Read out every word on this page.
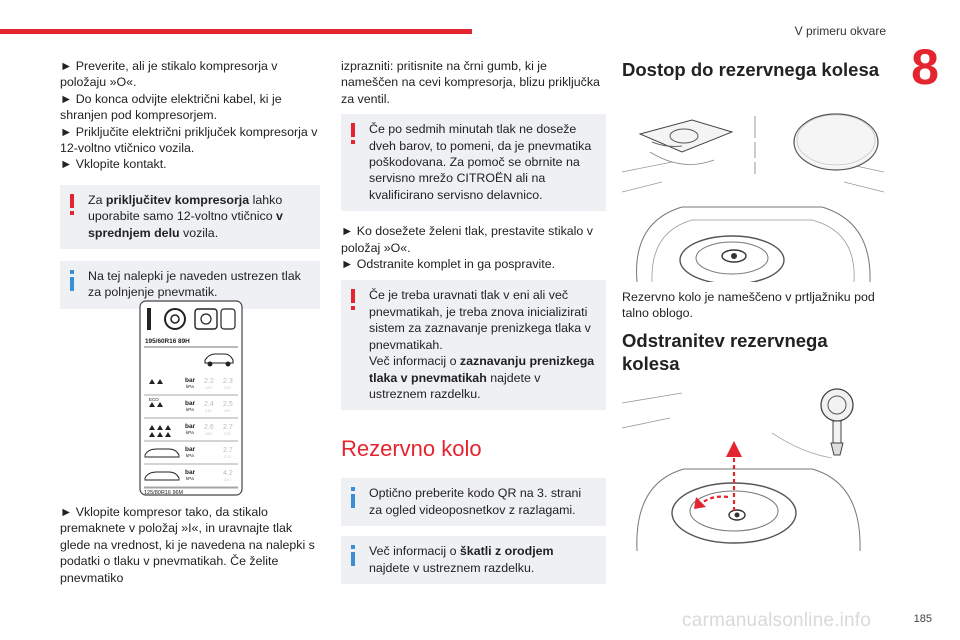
V primeru okvare
8

► Preverite, ali je stikalo kompresorja v položaju »O«.

► Do konca odvijte električni kabel, ki je shranjen pod kompresorjem.

► Priključite električni priključek kompresorja v 12-voltno vtičnico vozila.

► Vklopite kontakt.

Za priključitev kompresorja lahko uporabite samo 12-voltno vtičnico v sprednjem delu vozila.

Na tej nalepki je naveden ustrezen tlak za polnjenje pnevmatik.

► Vklopite kompresor tako, da stikalo premaknete v položaj »I«, in uravnajte tlak glede na vrednost, ki je navedena na nalepki s podatki o tlaku v pnevmatikah. Če želite pnevmatiko

195/60R16 89H
bar
kPa
2.2
220
2.3
230
bar
kPa
2.4
240
2.5
250
ECO
bar
kPa
2.6
260
2.7
270
bar
kPa
2.7
270
bar
kPa
4.2
420
125/80R16 96M

izprazniti: pritisnite na črni gumb, ki je nameščen na cevi kompresorja, blizu priključka za ventil.

Če po sedmih minutah tlak ne doseže dveh barov, to pomeni, da je pnevmatika poškodovana. Za pomoč se obrnite na servisno mrežo CITROËN ali na kvalificirano servisno delavnico.

► Ko dosežete želeni tlak, prestavite stikalo v položaj »O«.

► Odstranite komplet in ga pospravite.

Če je treba uravnati tlak v eni ali več pnevmatikah, je treba znova inicializirati sistem za zaznavanje prenizkega tlaka v pnevmatikah.

Več informacij o zaznavanju prenizkega tlaka v pnevmatikah najdete v ustreznem razdelku.

Rezervno kolo

Optično preberite kodo QR na 3. strani za ogled videoposnetkov z razlagami.

Več informacij o škatli z orodjem najdete v ustreznem razdelku.

Dostop do rezervnega kolesa

Rezervno kolo je nameščeno v prtljažniku pod talno oblogo.

Odstranitev rezervnega kolesa
185
carmanualsonline.info
